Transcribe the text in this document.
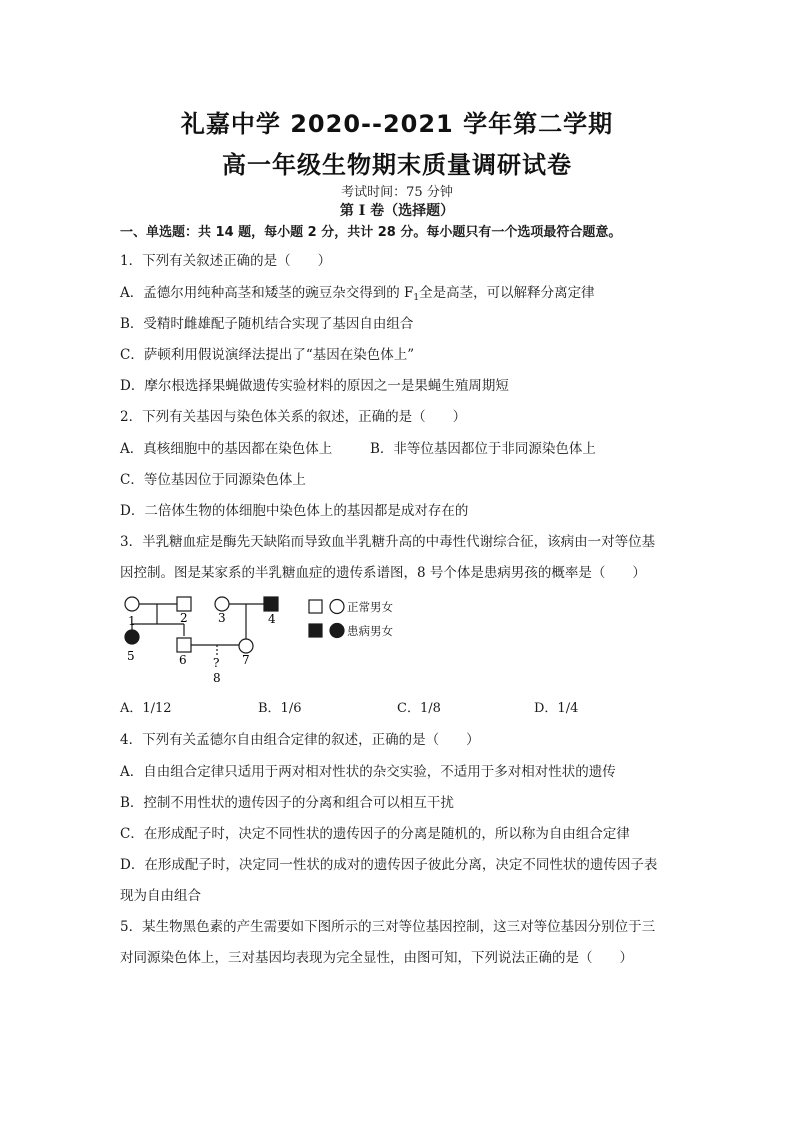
礼嘉中学 2020--2021 学年第二学期
高一年级生物期末质量调研试卷
考试时间：75 分钟
第 I 卷（选择题）
一、单选题：共 14 题，每小题 2 分，共计 28 分。每小题只有一个选项最符合题意。
1．下列有关叙述正确的是（　　）
A．孟德尔用纯种高茎和矮茎的豌豆杂交得到的 $F_1$全是高茎，可以解释分离定律
B．受精时雌雄配子随机结合实现了基因自由组合
C．萨顿利用假说演绎法提出了“基因在染色体上”
D．摩尔根选择果蝇做遗传实验材料的原因之一是果蝇生殖周期短
2．下列有关基因与染色体关系的叙述，正确的是（　　）
A．真核细胞中的基因都在染色体上	B．非等位基因都位于非同源染色体上
C．等位基因位于同源染色体上
D．二倍体生物的体细胞中染色体上的基因都是成对存在的
3．半乳糖血症是酶先天缺陷而导致血半乳糖升高的中毒性代谢综合征，该病由一对等位基
因控制。图是某家系的半乳糖血症的遗传系谱图，8 号个体是患病男孩的概率是（　　）
1	2	3	4
5	6	7
?
8
正常男女
患病男女
A．1/12	B．1/6	C．1/8	D．1/4
4．下列有关孟德尔自由组合定律的叙述，正确的是（　　）
A．自由组合定律只适用于两对相对性状的杂交实验，不适用于多对相对性状的遗传
B．控制不用性状的遗传因子的分离和组合可以相互干扰
C．在形成配子时，决定不同性状的遗传因子的分离是随机的，所以称为自由组合定律
D．在形成配子时，决定同一性状的成对的遗传因子彼此分离，决定不同性状的遗传因子表
现为自由组合
5．某生物黑色素的产生需要如下图所示的三对等位基因控制，这三对等位基因分别位于三
对同源染色体上，三对基因均表现为完全显性，由图可知，下列说法正确的是（　　）
